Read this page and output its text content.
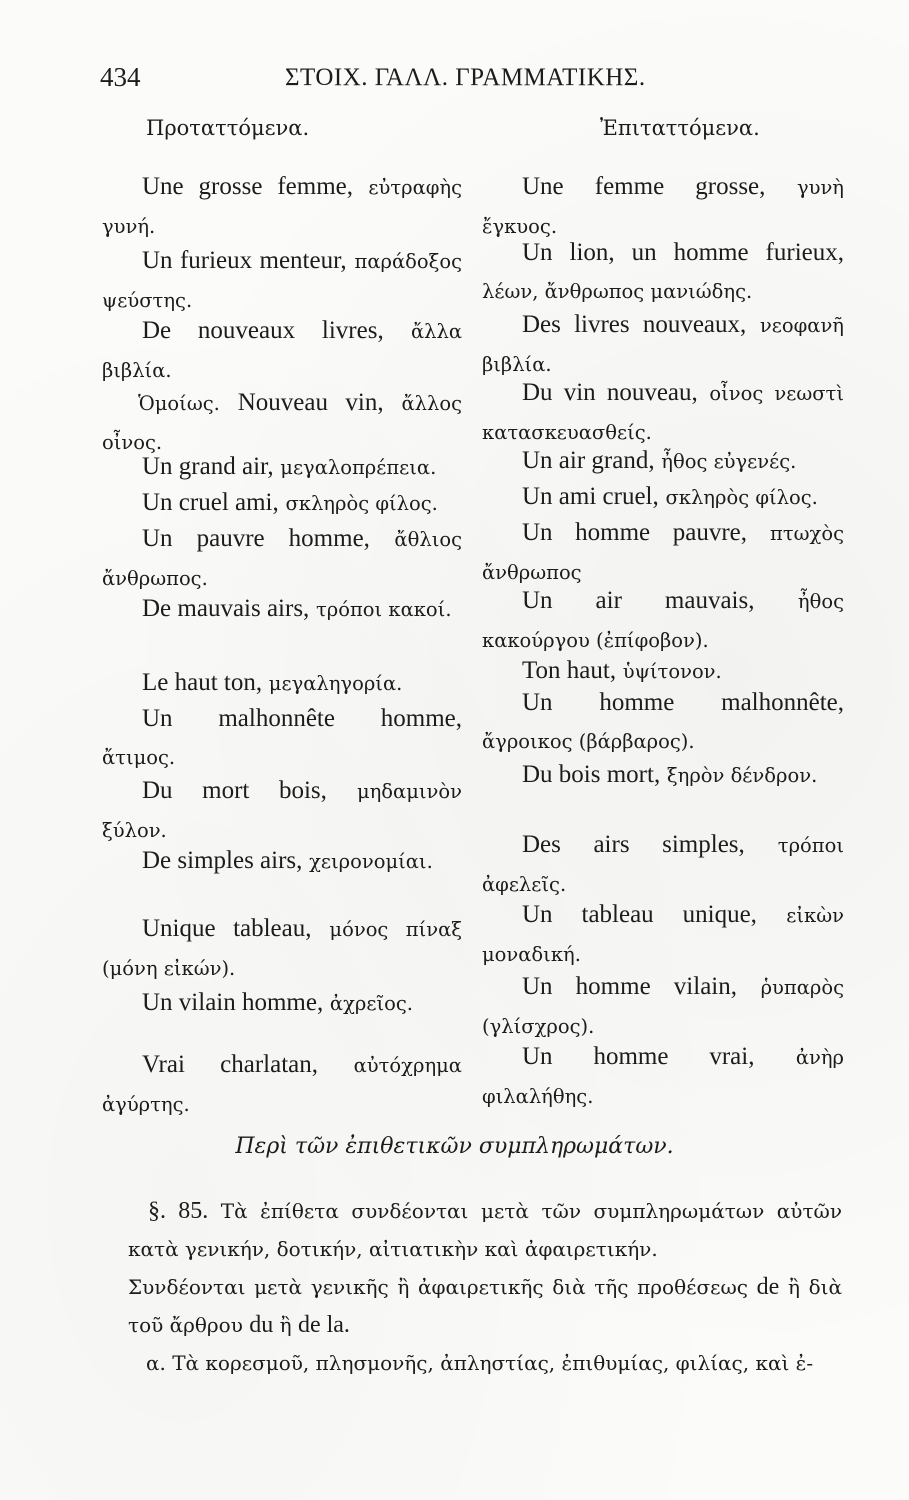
434	ΣΤΟΙΧ. ΓΑΛΛ. ΓΡΑΜΜΑΤΙΚΗΣ.
Προταττόμενα.
Une grosse femme, εὐτραφὴς γυνή.
Un furieux menteur, παράδοξος ψεύστης.
De nouveaux livres, ἄλλα βιβλία.
Ὁμοίως. Nouveau vin, ἄλλος οἶνος.
Un grand air, μεγαλοπρέπεια.
Un cruel ami, σκληρὸς φίλος.
Un pauvre homme, ἄθλιος ἄνθρωπος.
De mauvais airs, τρόποι κακοί.
Le haut ton, μεγαληγορία.
Un malhonnête homme, ἄτιμος.
Du mort bois, μηδαμινὸν ξύλον.
De simples airs, χειρονομίαι.
Unique tableau, μόνος πίναξ (μόνη εἰκών).
Un vilain homme, ἀχρεῖος.
Vrai charlatan, αὐτόχρημα ἀγύρτης.
Ἐπιταττόμενα.
Une femme grosse, γυνὴ ἔγκυος.
Un lion, un homme furieux, λέων, ἄνθρωπος μανιώδης.
Des livres nouveaux, νεοφανῆ βιβλία.
Du vin nouveau, οἶνος νεωστὶ κατασκευασθείς.
Un air grand, ἦθος εὐγενές.
Un ami cruel, σκληρὸς φίλος.
Un homme pauvre, πτωχὸς ἄνθρωπος
Un air mauvais, ἦθος κακούργου (ἐπίφοβον).
Ton haut, ὑψίτονον.
Un homme malhonnête, ἄγροικος (βάρβαρος).
Du bois mort, ξηρὸν δένδρον.
Des airs simples, τρόποι ἀφελεῖς.
Un tableau unique, εἰκὼν μοναδική.
Un homme vilain, ῥυπαρὸς (γλίσχρος).
Un homme vrai, ἀνὴρ φιλαλήθης.
Περὶ τῶν ἐπιθετικῶν συμπληρωμάτων.
§. 85. Τὰ ἐπίθετα συνδέονται μετὰ τῶν συμπληρωμάτων αὐτῶν κατὰ γενικήν, δοτικήν, αἰτιατικὴν καὶ ἀφαιρετικήν.
Συνδέονται μετὰ γενικῆς ἢ ἀφαιρετικῆς διὰ τῆς προθέσεως de ἢ διὰ τοῦ ἄρθρου du ἢ de la.
α. Τὰ κορεσμοῦ, πλησμονῆς, ἀπληστίας, ἐπιθυμίας, φιλίας, καὶ ἐ-
